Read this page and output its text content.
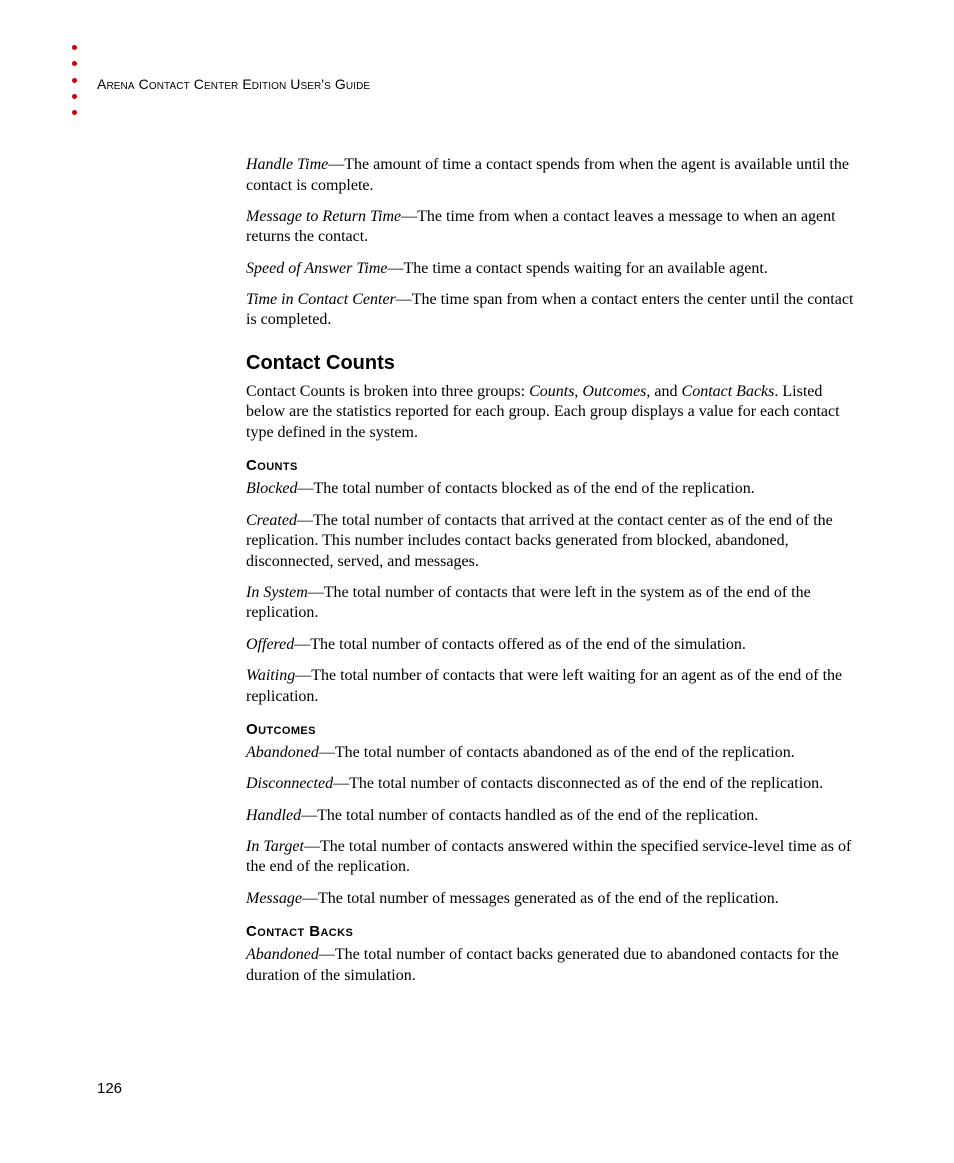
Arena Contact Center Edition User's Guide

Handle Time—The amount of time a contact spends from when the agent is available until the contact is complete.

Message to Return Time—The time from when a contact leaves a message to when an agent returns the contact.

Speed of Answer Time—The time a contact spends waiting for an available agent.

Time in Contact Center—The time span from when a contact enters the center until the contact is completed.

Contact Counts

Contact Counts is broken into three groups: Counts, Outcomes, and Contact Backs. Listed below are the statistics reported for each group. Each group displays a value for each contact type defined in the system.

Counts

Blocked—The total number of contacts blocked as of the end of the replication.

Created—The total number of contacts that arrived at the contact center as of the end of the replication. This number includes contact backs generated from blocked, abandoned, disconnected, served, and messages.

In System—The total number of contacts that were left in the system as of the end of the replication.

Offered—The total number of contacts offered as of the end of the simulation.

Waiting—The total number of contacts that were left waiting for an agent as of the end of the replication.

Outcomes

Abandoned—The total number of contacts abandoned as of the end of the replication.

Disconnected—The total number of contacts disconnected as of the end of the replication.

Handled—The total number of contacts handled as of the end of the replication.

In Target—The total number of contacts answered within the specified service-level time as of the end of the replication.

Message—The total number of messages generated as of the end of the replication.

Contact Backs

Abandoned—The total number of contact backs generated due to abandoned contacts for the duration of the simulation.

126
